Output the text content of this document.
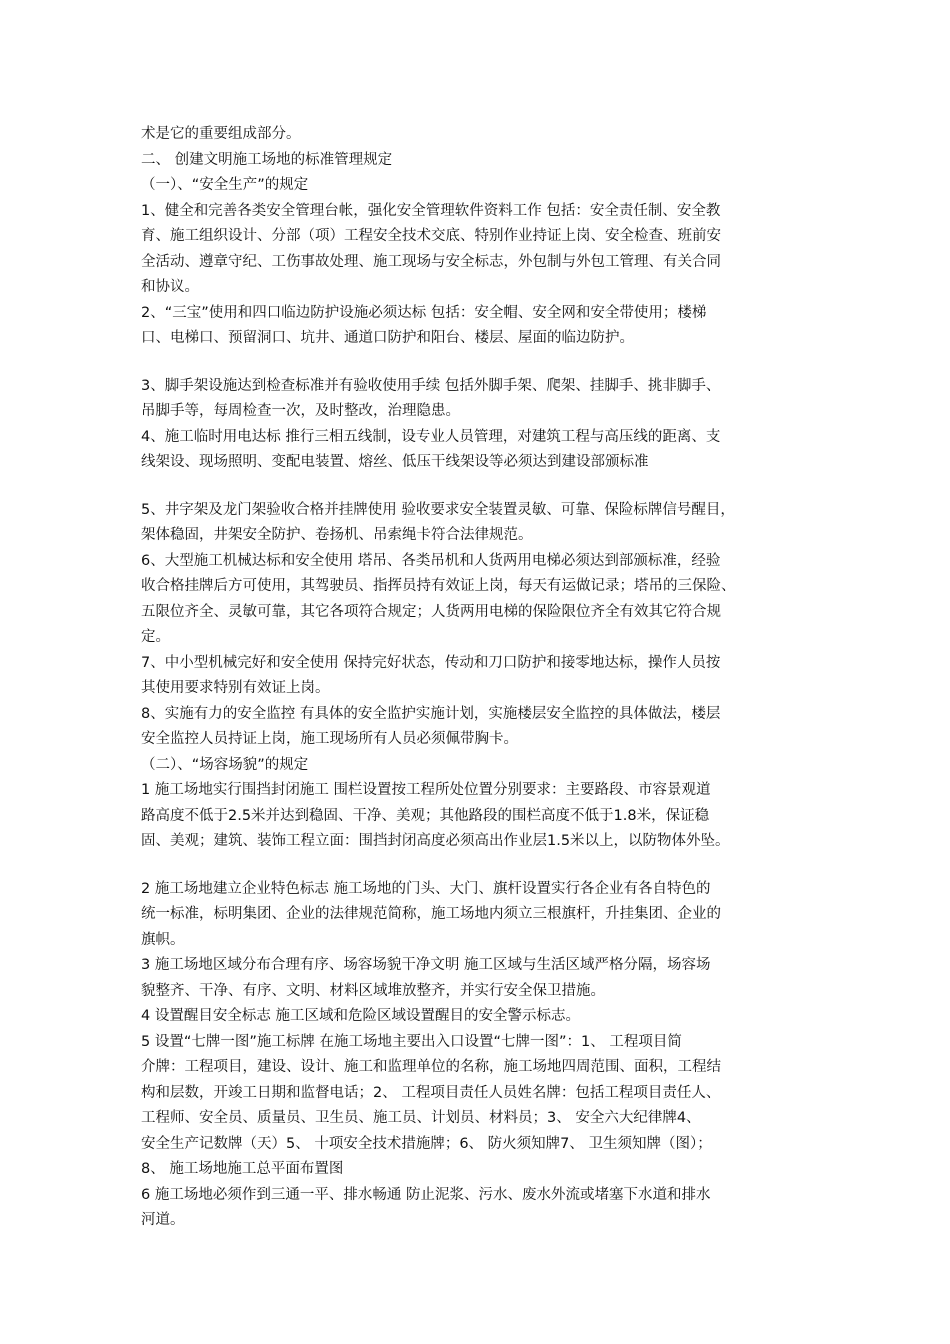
术是它的重要组成部分。
二、 创建文明施工场地的标准管理规定
（一）、“安全生产”的规定
1、健全和完善各类安全管理台帐，强化安全管理软件资料工作 包括：安全责任制、安全教
育、施工组织设计、分部（项）工程安全技术交底、特别作业持证上岗、安全检查、班前安
全活动、遵章守纪、工伤事故处理、施工现场与安全标志，外包制与外包工管理、有关合同
和协议。
2、“三宝”使用和四口临边防护设施必须达标 包括：安全帽、安全网和安全带使用；楼梯
口、电梯口、预留洞口、坑井、通道口防护和阳台、楼层、屋面的临边防护。
3、脚手架设施达到检查标准并有验收使用手续 包括外脚手架、爬架、挂脚手、挑非脚手、
吊脚手等，每周检查一次，及时整改，治理隐患。
4、施工临时用电达标 推行三相五线制，设专业人员管理，对建筑工程与高压线的距离、支
线架设、现场照明、变配电装置、熔丝、低压干线架设等必须达到建设部颁标准
5、井字架及龙门架验收合格并挂牌使用 验收要求安全装置灵敏、可靠、保险标牌信号醒目，
架体稳固，井架安全防护、卷扬机、吊索绳卡符合法律规范。
6、大型施工机械达标和安全使用 塔吊、各类吊机和人货两用电梯必须达到部颁标准，经验
收合格挂牌后方可使用，其驾驶员、指挥员持有效证上岗，每天有运做记录；塔吊的三保险、
五限位齐全、灵敏可靠，其它各项符合规定；人货两用电梯的保险限位齐全有效其它符合规
定。
7、中小型机械完好和安全使用 保持完好状态，传动和刀口防护和接零地达标，操作人员按
其使用要求特别有效证上岗。
8、实施有力的安全监控 有具体的安全监护实施计划，实施楼层安全监控的具体做法，楼层
安全监控人员持证上岗，施工现场所有人员必须佩带胸卡。
（二）、“场容场貌”的规定
1 施工场地实行围挡封闭施工 围栏设置按工程所处位置分别要求：主要路段、市容景观道
路高度不低于2.5米并达到稳固、干净、美观；其他路段的围栏高度不低于1.8米，保证稳
固、美观；建筑、装饰工程立面：围挡封闭高度必须高出作业层1.5米以上，以防物体外坠。
2 施工场地建立企业特色标志 施工场地的门头、大门、旗杆设置实行各企业有各自特色的
统一标准，标明集团、企业的法律规范简称，施工场地内须立三根旗杆，升挂集团、企业的
旗帜。
3 施工场地区域分布合理有序、场容场貌干净文明 施工区域与生活区域严格分隔，场容场
貌整齐、干净、有序、文明、材料区域堆放整齐，并实行安全保卫措施。
4 设置醒目安全标志 施工区域和危险区域设置醒目的安全警示标志。
5 设置“七牌一图”施工标牌 在施工场地主要出入口设置“七牌一图”：1、 工程项目简
介牌：工程项目，建设、设计、施工和监理单位的名称，施工场地四周范围、面积，工程结
构和层数，开竣工日期和监督电话；2、 工程项目责任人员姓名牌：包括工程项目责任人、
工程师、安全员、质量员、卫生员、施工员、计划员、材料员；3、 安全六大纪律牌4、
安全生产记数牌（天）5、 十项安全技术措施牌；6、 防火须知牌7、 卫生须知牌（图）；
8、 施工场地施工总平面布置图
6 施工场地必须作到三通一平、排水畅通 防止泥浆、污水、废水外流或堵塞下水道和排水
河道。
